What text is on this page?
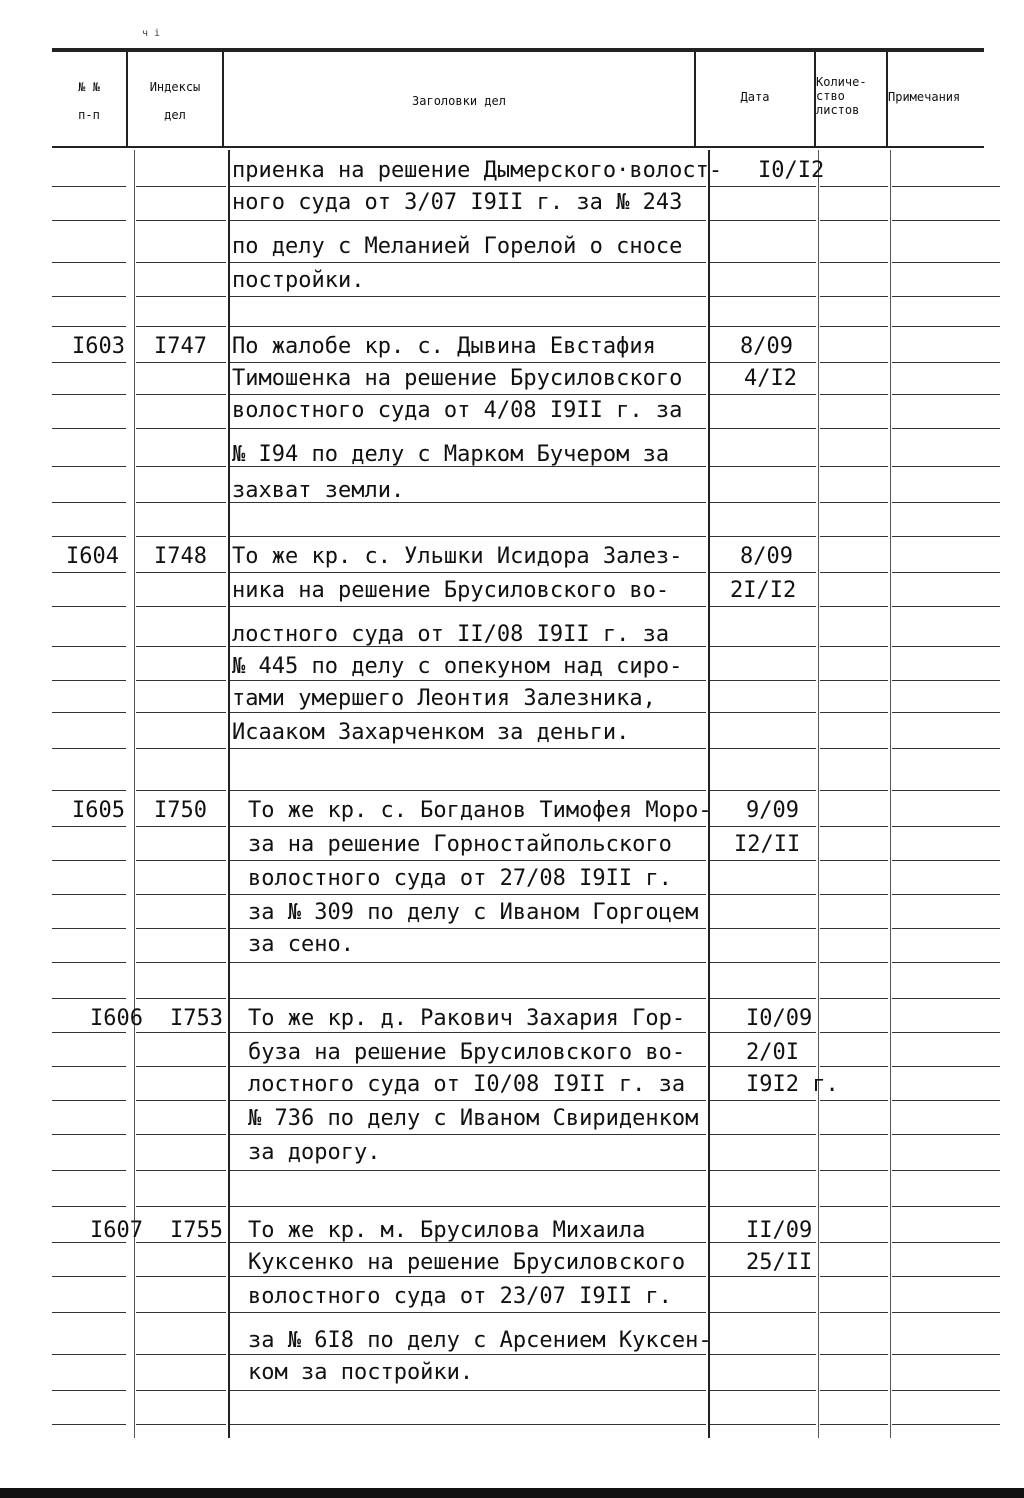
ч і
№ №
п-п
Индексы
дел
Заголовки дел	Дата
Количе-
ство
листов
Примечания
приенка на решение Дымерского·волост-
ного суда от 3/07 I9II г. за № 243
по делу с Меланией Горелой о сносе
постройки.
I0/I2
I603 I747 По жалобе кр. с. Дывина Евстафия
Тимошенка на решение Брусиловского
волостного суда от 4/08 I9II г. за
№ I94 по делу с Марком Бучером за
захват земли.
8/09
4/I2
I604 I748 То же кр. с. Ульшки Исидора Залез-
ника на решение Брусиловского во-
лостного суда от II/08 I9II г. за
№ 445 по делу с опекуном над сиро-
тами умершего Леонтия Залезника,
Исааком Захарченком за деньги.
8/09
2I/I2
I605 I750 То же кр. с. Богданов Тимофея Моро-
за на решение Горностайпольского
волостного суда от 27/08 I9II г.
за № 309 по делу с Иваном Горгоцем
за сено.
9/09
I2/II
I606 I753 То же кр. д. Ракович Захария Гор-
буза на решение Брусиловского во-
лостного суда от I0/08 I9II г. за
№ 736 по делу с Иваном Свириденком
за дорогу.
I0/09
2/0I
I9I2 г.
I607 I755 То же кр. м. Брусилова Михаила
Куксенко на решение Брусиловского
волостного суда от 23/07 I9II г.
за № 6I8 по делу с Арсением Куксен-
ком за постройки.
II/09
25/II
